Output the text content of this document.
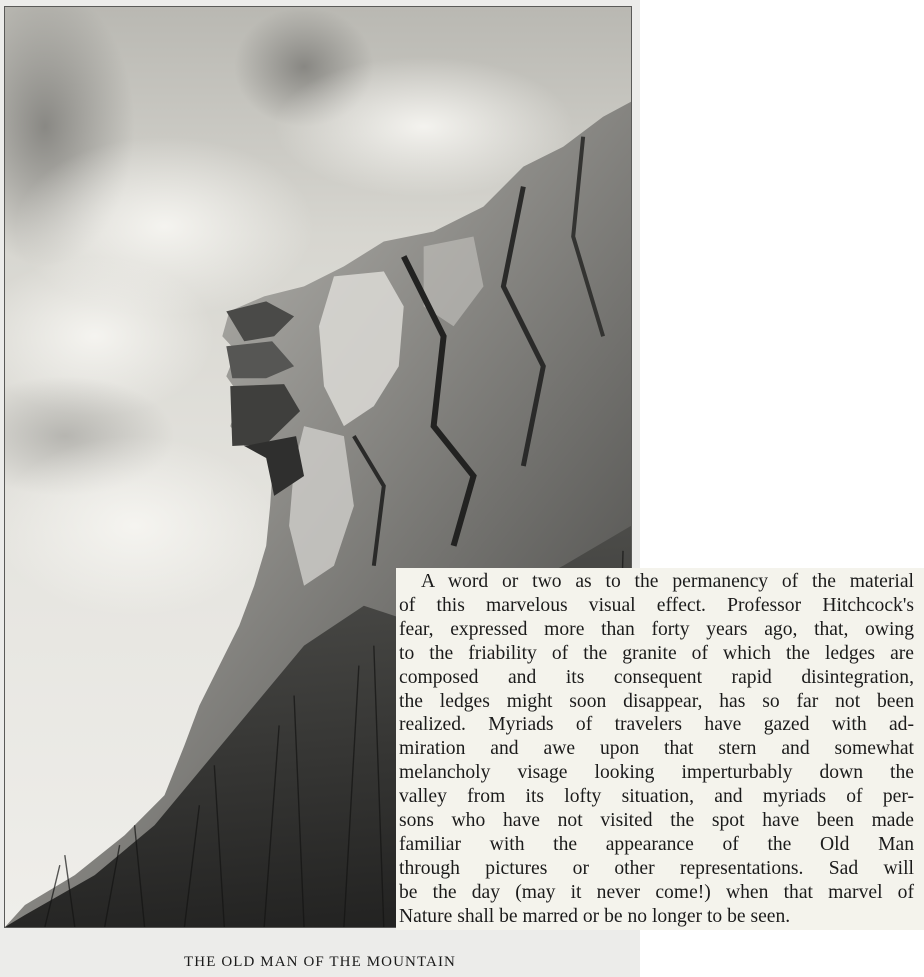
THE OLD MAN OF THE MOUNTAIN

A word or two as to the permanency of the material

of this marvelous visual effect. Professor Hitchcock's

fear, expressed more than forty years ago, that, owing

to the friability of the granite of which the ledges are

composed and its consequent rapid disintegration,

the ledges might soon disappear, has so far not been

realized. Myriads of travelers have gazed with ad-

miration and awe upon that stern and somewhat

melancholy visage looking imperturbably down the

valley from its lofty situation, and myriads of per-

sons who have not visited the spot have been made

familiar with the appearance of the Old Man

through pictures or other representations. Sad will

be the day (may it never come!) when that marvel of

Nature shall be marred or be no longer to be seen.
